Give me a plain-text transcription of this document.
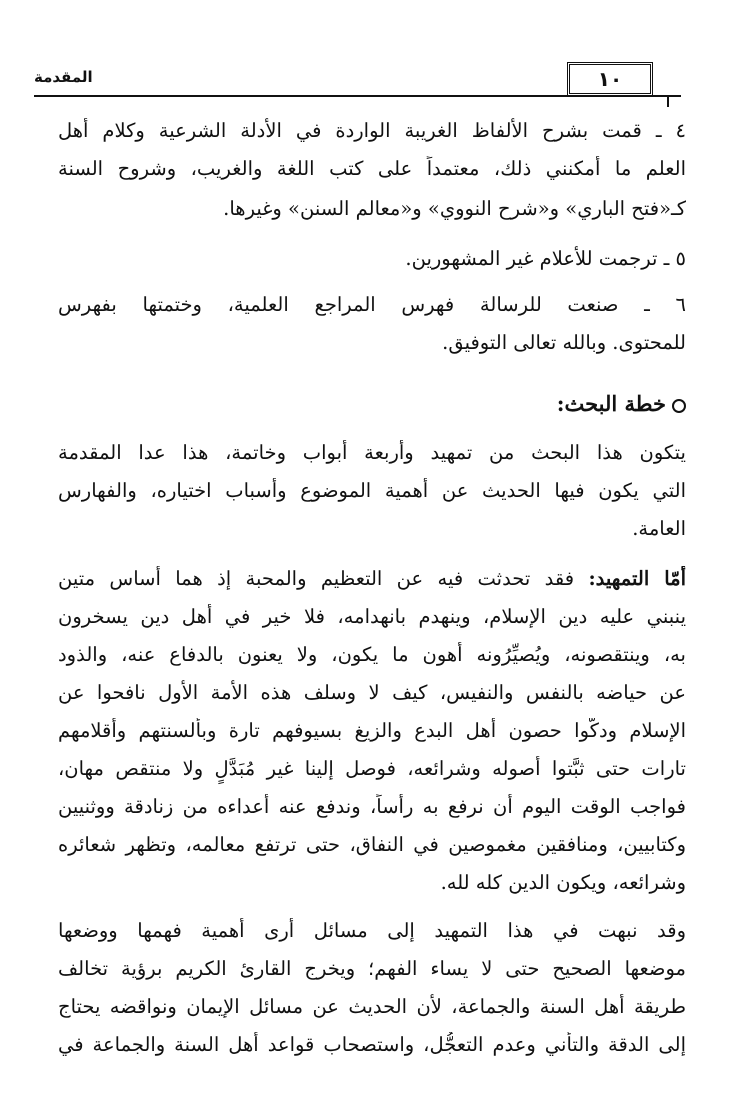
المقدمة	١٠
٤ ـ قمت بشرح الألفاظ الغريبة الواردة في الأدلة الشرعية وكلام أهل
العلم ما أمكنني ذلك، معتمداً على كتب اللغة والغريب، وشروح السنة
كـ«فتح الباري» و«شرح النووي» و«معالم السنن» وغيرها.
٥ ـ ترجمت للأعلام غير المشهورين.
٦ ـ صنعت للرسالة فهرس المراجع العلمية، وختمتها بفهرس
للمحتوى. وبالله تعالى التوفيق.
خطة البحث:
يتكون هذا البحث من تمهيد وأربعة أبواب وخاتمة، هذا عدا المقدمة
التي يكون فيها الحديث عن أهمية الموضوع وأسباب اختياره، والفهارس
العامة.
أمّا التمهيد: فقد تحدثت فيه عن التعظيم والمحبة إذ هما أساس متين
ينبني عليه دين الإسلام، وينهدم بانهدامه، فلا خير في أهل دين يسخرون
به، وينتقصونه، ويُصيِّرُونه أهون ما يكون، ولا يعنون بالدفاع عنه، والذود
عن حياضه بالنفس والنفيس، كيف لا وسلف هذه الأمة الأول نافحوا عن
الإسلام ودكُّوا حصون أهل البدع والزيغ بسيوفهم تارة وبألسنتهم وأقلامهم
تارات حتى ثبَّتوا أصوله وشرائعه، فوصل إلينا غير مُبَدَّلٍ ولا منتقص مهان،
فواجب الوقت اليوم أن نرفع به رأساً، وندفع عنه أعداءه من زنادقة ووثنيين
وكتابيين، ومنافقين مغموصين في النفاق، حتى ترتفع معالمه، وتظهر شعائره
وشرائعه، ويكون الدين كله لله.
وقد نبهت في هذا التمهيد إلى مسائل أرى أهمية فهمها ووضعها
موضعها الصحيح حتى لا يساء الفهم؛ ويخرج القارئ الكريم برؤية تخالف
طريقة أهل السنة والجماعة، لأن الحديث عن مسائل الإيمان ونواقضه يحتاج
إلى الدقة والتأني وعدم التعجُّل، واستصحاب قواعد أهل السنة والجماعة في
